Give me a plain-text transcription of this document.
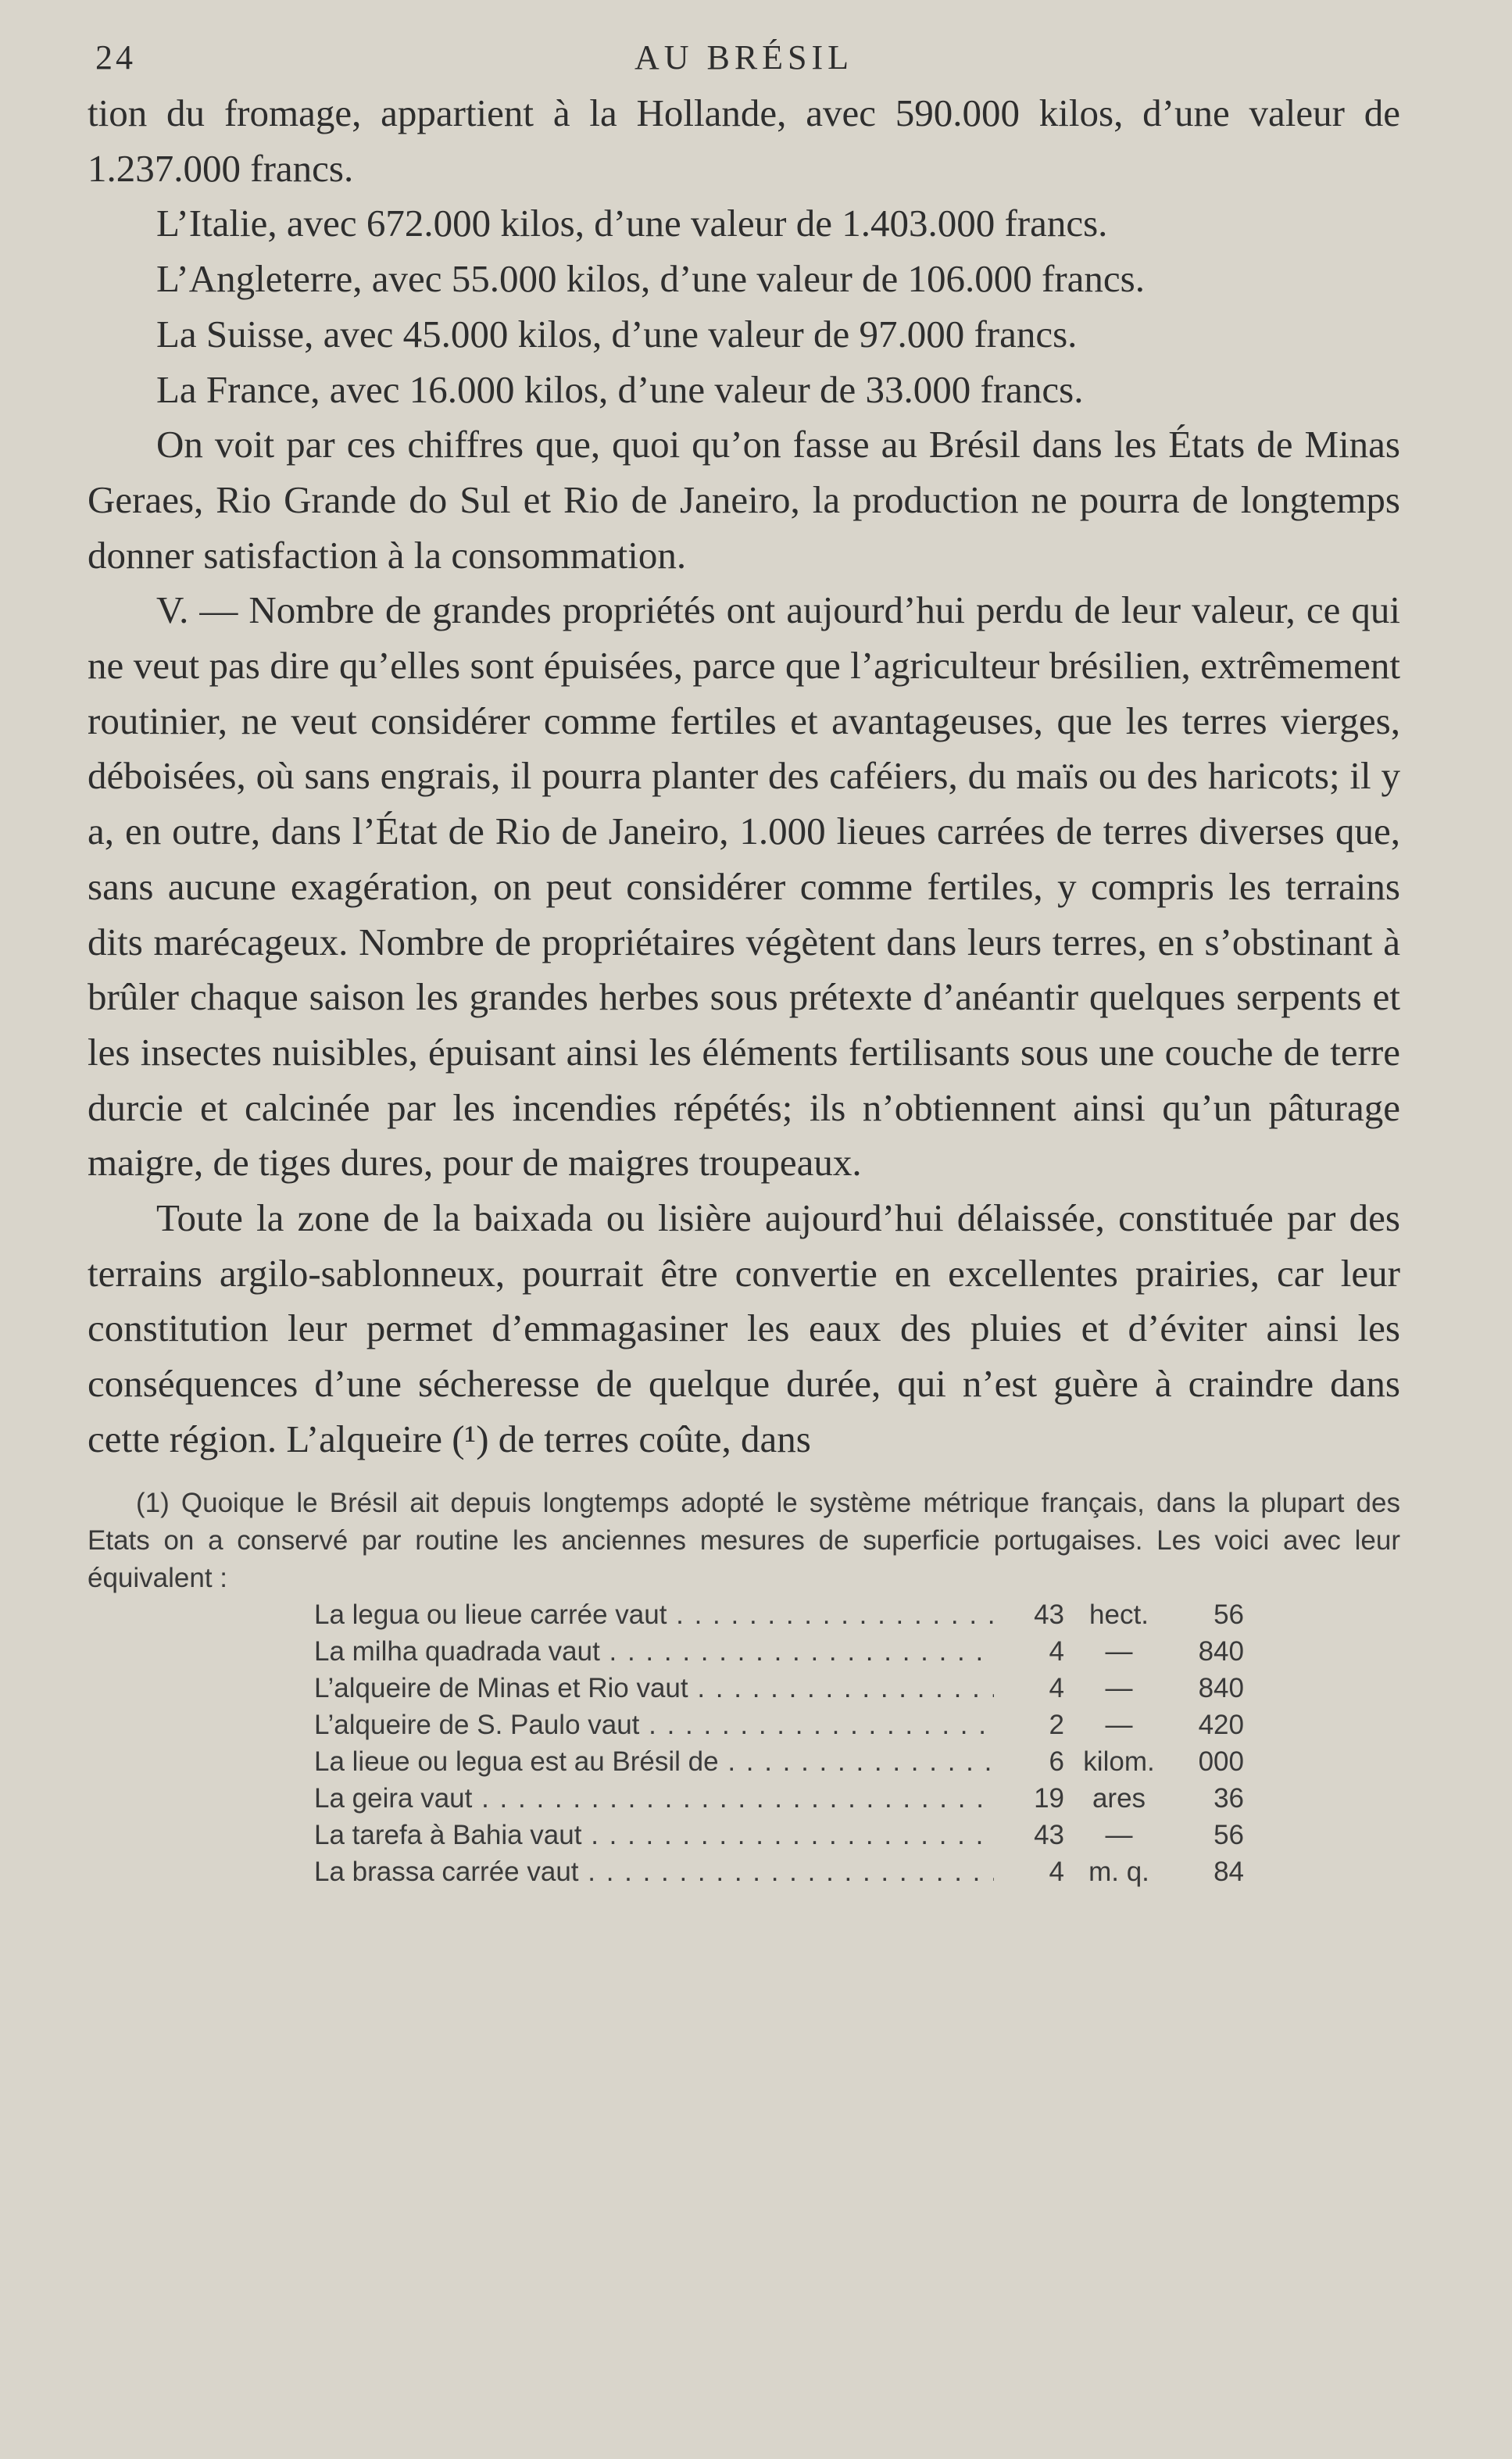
24	AU BRÉSIL

tion du fromage, appartient à la Hollande, avec 590.000 kilos, d’une valeur de 1.237.000 francs.

L’Italie, avec 672.000 kilos, d’une valeur de 1.403.000 francs.

L’Angleterre, avec 55.000 kilos, d’une valeur de 106.000 francs.

La Suisse, avec 45.000 kilos, d’une valeur de 97.000 francs.

La France, avec 16.000 kilos, d’une valeur de 33.000 francs.

On voit par ces chiffres que, quoi qu’on fasse au Brésil dans les États de Minas Geraes, Rio Grande do Sul et Rio de Janeiro, la production ne pourra de longtemps donner satisfaction à la consommation.

V. — Nombre de grandes propriétés ont aujourd’hui perdu de leur valeur, ce qui ne veut pas dire qu’elles sont épuisées, parce que l’agriculteur brésilien, extrêmement routinier, ne veut considérer comme fertiles et avantageuses, que les terres vierges, déboisées, où sans engrais, il pourra planter des caféiers, du maïs ou des haricots; il y a, en outre, dans l’État de Rio de Janeiro, 1.000 lieues carrées de terres diverses que, sans aucune exagération, on peut considérer comme fertiles, y compris les terrains dits marécageux. Nombre de propriétaires végètent dans leurs terres, en s’obstinant à brûler chaque saison les grandes herbes sous prétexte d’anéantir quelques serpents et les insectes nuisibles, épuisant ainsi les éléments fertilisants sous une couche de terre durcie et calcinée par les incendies répétés; ils n’obtiennent ainsi qu’un pâturage maigre, de tiges dures, pour de maigres troupeaux.

Toute la zone de la baixada ou lisière aujourd’hui délaissée, constituée par des terrains argilo-sablonneux, pourrait être convertie en excellentes prairies, car leur constitution leur permet d’emmagasiner les eaux des pluies et d’éviter ainsi les conséquences d’une sécheresse de quelque durée, qui n’est guère à craindre dans cette région. L’alqueire (¹) de terres coûte, dans

(1) Quoique le Brésil ait depuis longtemps adopté le système métrique français, dans la plupart des Etats on a conservé par routine les anciennes mesures de superficie portugaises. Les voici avec leur équivalent :

La legua ou lieue carrée vaut . . .	43 hect.	56
La milha quadrada vaut . . .	4	—	840
L’alqueire de Minas et Rio vaut . . .	4	—	840
L’alqueire de S. Paulo vaut . . .	2	—	420
La lieue ou legua est au Brésil de . . .	6 kilom.	000
La geira vaut . . .	19	ares	36
La tarefa à Bahia vaut . . .	43	—	56
La brassa carrée vaut . . .	4 m. q.	84
